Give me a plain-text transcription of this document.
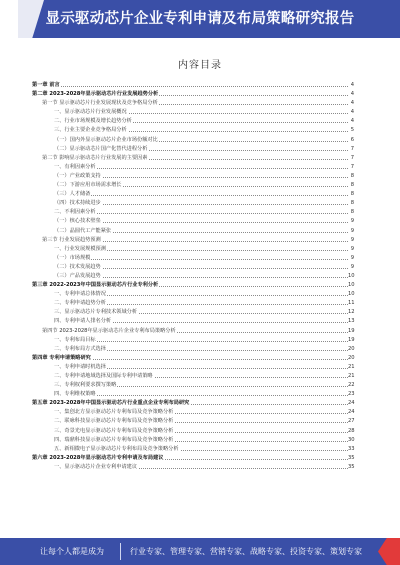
显示驱动芯片企业专利申请及布局策略研究报告
内容目录
第一章 前言	4
第二章 2023-2028年显示驱动芯片行业发展趋势分析	4
第一节 显示驱动芯片行业发展现状及竞争格局分析	4
一、显示驱动芯片行业发展概况	4
二、行业市场规模及增长趋势分析	4
三、行业主要企业竞争格局分析	5
（一）国内外显示驱动芯片企业市场份额对比	6
（二）显示驱动芯片国产化替代进程分析	7
第二节 影响显示驱动芯片行业发展的主要因素	7
一、有利因素分析	7
（一）产业政策支持	8
（二）下游应用市场需求增长	8
（三）人才储备	8
（四）技术持续进步	8
二、不利因素分析	8
（一）核心技术壁垒	9
（二）晶圆代工产能紧张	9
第三节 行业发展趋势预测	9
一、行业发展规模预测	9
（一）市场规模	9
（二）技术发展趋势	9
（三）产品发展趋势	10
第三章 2022-2023年中国显示驱动芯片行业专利分析	10
一、专利申请总体情况	10
二、专利申请趋势分析	11
三、显示驱动芯片专利技术领域分析	12
四、专利申请人排名分析	13
第四节 2023-2028年显示驱动芯片企业专利布局策略分析	19
一、专利布局目标	19
二、专利布局方式选择	20
第四章 专利申请策略研究	20
一、专利申请时机选择	21
二、专利申请地域选择及国际专利申请策略	21
三、专利权利要求撰写策略	22
四、专利维权策略	23
第五章 2023-2028年中国显示驱动芯片行业重点企业专利布局研究	24
一、集创北方显示驱动芯片专利布局及竞争策略分析	24
二、联咏科技显示驱动芯片专利布局及竞争策略分析	27
三、奇景光电显示驱动芯片专利布局及竞争策略分析	28
四、瑞鼎科技显示驱动芯片专利布局及竞争策略分析	30
五、新相微电子显示驱动芯片专利布局及竞争策略分析	33
第六章 2023-2028年显示驱动芯片专利申请及布局建议	35
一、显示驱动芯片企业专利申请建议	35
让每个人都是成为	行业专家、管理专家、营销专家、战略专家、投资专家、策划专家
